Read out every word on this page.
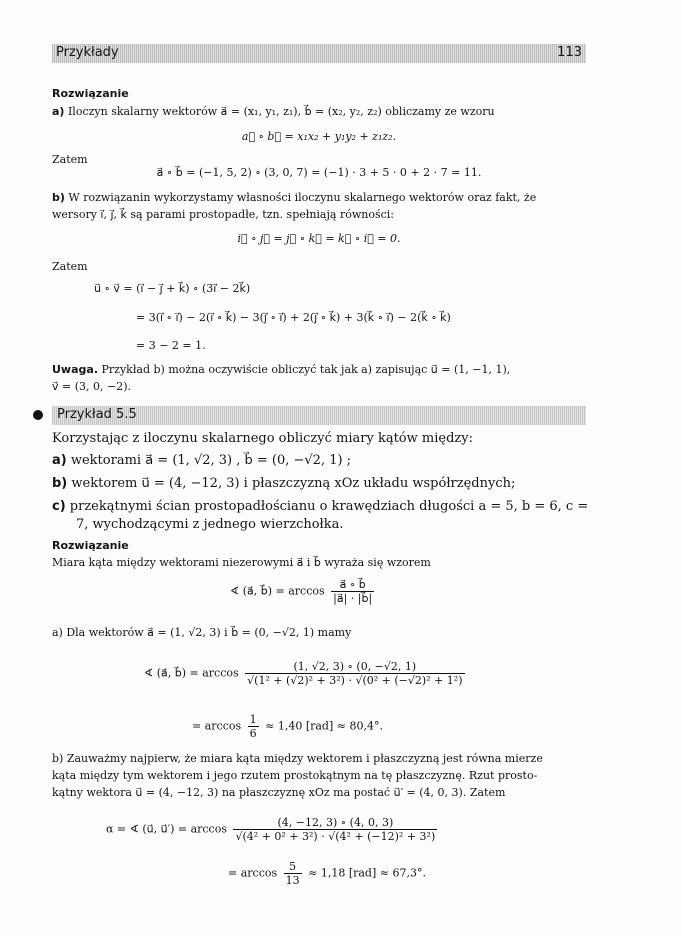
Przykłady	113
Rozwiązanie
a) Iloczyn skalarny wektorów a⃗ = (x₁, y₁, z₁), b⃗ = (x₂, y₂, z₂) obliczamy ze wzoru
a⃗ ∘ b⃗ = x₁x₂ + y₁y₂ + z₁z₂.
Zatem
a⃗ ∘ b⃗ = (−1, 5, 2) ∘ (3, 0, 7) = (−1) · 3 + 5 · 0 + 2 · 7 = 11.
b) W rozwiązanin wykorzystamy własności iloczynu skalarnego wektorów oraz fakt, że
wersory i⃗, j⃗, k⃗ są parami prostopadłe, tzn. spełniają równości:
i⃗ ∘ j⃗ = j⃗ ∘ k⃗ = k⃗ ∘ i⃗ = 0.
Zatem
u⃗ ∘ v⃗ = (i⃗ − j⃗ + k⃗) ∘ (3i⃗ − 2k⃗)
= 3(i⃗ ∘ i⃗) − 2(i⃗ ∘ k⃗) − 3(j⃗ ∘ i⃗) + 2(j⃗ ∘ k⃗) + 3(k⃗ ∘ i⃗) − 2(k⃗ ∘ k⃗)
= 3 − 2 = 1.
Uwaga. Przykład b) można oczywiście obliczyć tak jak a) zapisując u⃗ = (1, −1, 1),
v⃗ = (3, 0, −2).
Przykład 5.5
Korzystając z iloczynu skalarnego obliczyć miary kątów między:
a) wektorami a⃗ = (1, √2, 3) , b⃗ = (0, −√2, 1) ;
b) wektorem u⃗ = (4, −12, 3) i płaszczyzną xOz układu współrzędnych;
c) przekątnymi ścian prostopadłościanu o krawędziach długości a = 5, b = 6, c =
7, wychodzącymi z jednego wierzchołka.
Rozwiązanie
Miara kąta między wektorami niezerowymi a⃗ i b⃗ wyraża się wzorem
∢ (a⃗, b⃗) = $\arccos \frac{a⃗ \circ b⃗}{|a⃗| \cdot |b⃗|}$
a) Dla wektorów a⃗ = (1, √2, 3) i b⃗ = (0, −√2, 1) mamy
∢ (a⃗, b⃗) = $\arccos \frac{(1, √2, 3) \circ (0, -√2, 1)}{\text{√(1² + (√2)² + 3²) · √(0² + (−√2)² + 1²)}}$
= $\arccos \frac{1}{6} \approx 1,40$ [rad] ≈ 80,4°.
b) Zauważmy najpierw, że miara kąta między wektorem i płaszczyzną jest równa mierze
kąta między tym wektorem i jego rzutem prostokątnym na tę płaszczyznę. Rzut prosto-
kątny wektora u⃗ = (4, −12, 3) na płaszczyznę xOz ma postać u⃗′ = (4, 0, 3). Zatem
α = ∢ (u⃗, u⃗′) = $\arccos \frac{(4, -12, 3) \circ (4, 0, 3)}{\text{√(4² + 0² + 3²) · √(4² + (−12)² + 3²)}}$
= $\arccos \frac{5}{13} \approx 1,18$ [rad] ≈ 67,3°.
